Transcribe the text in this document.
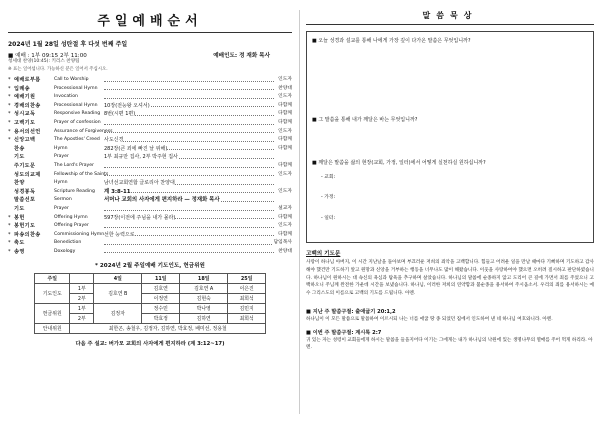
주일예배순서
2024년 1월 28일 성탄절 후 다섯 번째 주일
■ 예배 : 1부 09:15 2부 11:00	예배인도: 정 재화 목사
청세대 찬양(10:45): 키리스 찬양팀
※ 표는 일어섭니다. 가능하신 분은 일어서 주십시오.
* 예배로부름	Call to Worship	인도자
* 입례송	Processional Hymn	찬양대
* 예배기원	Invocation	인도자
* 경배의찬송	Processional Hymn 10장(전능왕 오셔서)	다함께
* 성시교독	Responsive Reading 8번(시편 1편)	다함께
* 고백기도	Prayer of confession	다함께
* 용서의선언	Assurance of Forgiveness	인도자
* 신앙고백	The Apostles' Creed 사도신경	다함께
찬송	Hymn	282장(큰 죄에 빠진 날 위해)	다함께
기도	Prayer	1부 최규만 집사, 2부 박주현 집사
주기도문	The Lord's Prayer	다함께
성도의교제	Fellowship of the Saints	인도자
찬양	Hymn	남녀선교회연합 글로리아 찬양대
성경봉독	Scripture Reading 계 3:8-11	인도자
말씀선포	Sermon	서머나 교회의 사자에게 편지하라 — 정재화 목사
기도	Prayer	설교자
* 봉헌	Offering Hymn	597장(이전에 주님을 내가 몰라)	다함께
* 봉헌기도	Offering Prayer	인도자
* 파송의찬송	Commissioning Hymn 선한 능력으로	다함께
* 축도	Benediction	담임목사
* 송영	Doxology	찬양대
* 2024년 2월 주일예배 기도인도, 헌금위원
주일		4일	11일	18일	25일
기도인도	1부	김호연 B	김호연	김호연 A	이은진
	2부		이정연	김현숙	최희석
헌금위원	1부	김정자	정수민	박나영	김민지
	2부		박효정	김하연	최희석
안내위원	최한곤, 송철우, 김정자, 김하연, 박효정, 배미선, 정용철				
다음 주 설교: 버가모 교회의 사자에게 편지하라 (계 3:12~17)
말씀묵상
■ 오늘 성경과 설교를 통해 나에게 가장 깊이 다가온 말씀은 무엇입니까?
■ 그 말씀을 통해 내가 깨달은 바는 무엇입니까?
■ 깨달은 말씀을 삶의 현장(교회, 가정, 일터)에서 어떻게 실천하실 원하십니까?
- 교회:
- 가정:
- 일터:
고백의 기도문
사랑이 하나님 아버지, 이 시간 지난날을 돌아보며 부끄러운 저희의 죄악을 고백합니다. 힘들고 어려운 일을 만날 때마다 기뻐하며 기도하고 감사해야 했건만 기도하기 앞고 원망과 신앙을 거부하는 행동을 너무나도 많이 해왔습니다. 이웃을 사랑하여야 했으면 오히려 질시하고 판단하였습니다. 하나님이 원하시는 대 속신의 욕심과 탐욕을 추구하며 살았습니다. 하나님의 말씀에 순종하지 않고 도리어 큰 길에 가면서 죄를 주었으니 고백하오니 주님께 완전한 가운데 시간을 보냈습니다. 하나님, 이러한 저희의 연약함과 불순종을 용서하여 주시옵소서. 우리의 죄를 용서하시는 예수 그리스도의 이름으로 고백의 기도를 드립니다. 아멘.
■ 지난 주 말씀구절: 출애굽기 20:1,2
하나님이 이 모든 말씀으로 말씀하여 이르시되 나는 너를 애굽 땅 종 되었던 집에서 인도하여 낸 네 하나님 여호와니라. 아멘.
■ 이번 주 말씀구절: 계시록 2:7
귀 있는 자는 성령이 교회들에게 하시는 말씀을 들을지어다 이기는 그에게는 내가 하나님의 낙원에 있는 생명나무의 열매를 주어 먹게 하리라. 아멘.
